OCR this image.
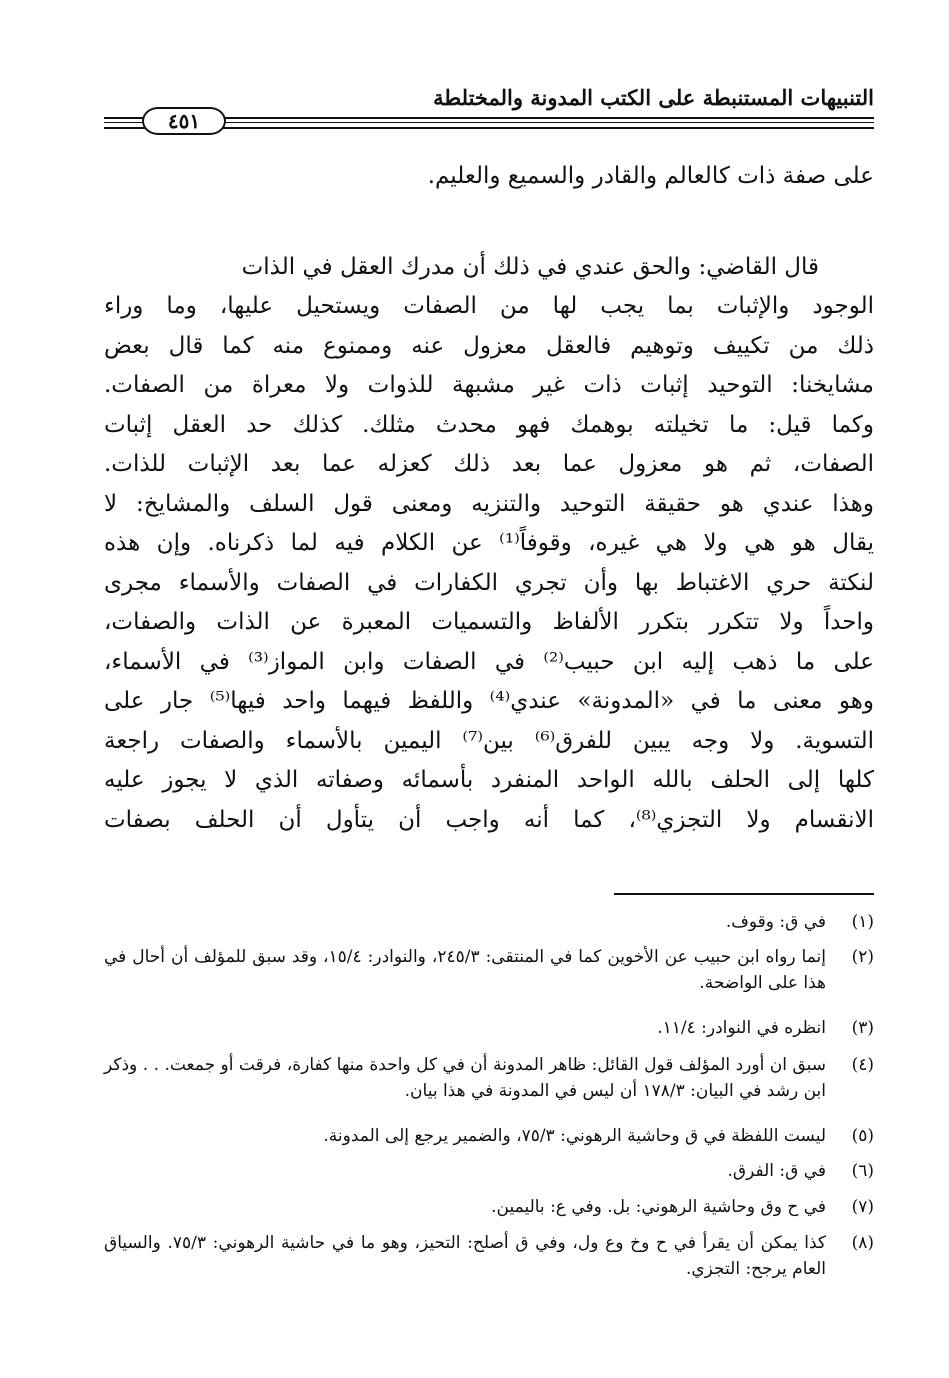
التنبيهات المستنبطة على الكتب المدونة والمختلطة
٤٥١
على صفة ذات كالعالم والقادر والسميع والعليم.
قال القاضي: والحق عندي في ذلك أن مدرك العقل في الذات
الوجود والإثبات بما يجب لها من الصفات ويستحيل عليها، وما وراء
ذلك من تكييف وتوهيم فالعقل معزول عنه وممنوع منه كما قال بعض
مشايخنا: التوحيد إثبات ذات غير مشبهة للذوات ولا معراة من الصفات.
وكما قيل: ما تخيلته بوهمك فهو محدث مثلك. كذلك حد العقل إثبات
الصفات، ثم هو معزول عما بعد ذلك كعزله عما بعد الإثبات للذات.
وهذا عندي هو حقيقة التوحيد والتنزيه ومعنى قول السلف والمشايخ: لا
يقال هو هي ولا هي غيره، وقوفاً⁽¹⁾ عن الكلام فيه لما ذكرناه. وإن هذه
لنكتة حري الاغتباط بها وأن تجري الكفارات في الصفات والأسماء مجرى
واحداً ولا تتكرر بتكرر الألفاظ والتسميات المعبرة عن الذات والصفات،
على ما ذهب إليه ابن حبيب⁽²⁾ في الصفات وابن المواز⁽³⁾ في الأسماء،
وهو معنى ما في «المدونة» عندي⁽⁴⁾ واللفظ فيهما واحد فيها⁽⁵⁾ جار على
التسوية. ولا وجه يبين للفرق⁽⁶⁾ بين⁽⁷⁾ اليمين بالأسماء والصفات راجعة
كلها إلى الحلف بالله الواحد المنفرد بأسمائه وصفاته الذي لا يجوز عليه
الانقسام ولا التجزي⁽⁸⁾، كما أنه واجب أن يتأول أن الحلف بصفات
(١)
في ق: وقوف.
(٢)
إنما رواه ابن حبيب عن الأخوين كما في المنتقى: ٢٤٥/٣، والنوادر: ١٥/٤، وقد سبق للمؤلف أن أحال في هذا على الواضحة.
(٣)
انظره في النوادر: ١١/٤.
(٤)
سبق ان أورد المؤلف قول القائل: ظاهر المدونة أن في كل واحدة منها كفارة، فرقت أو جمعت. . . وذكر ابن رشد في البيان: ١٧٨/٣ أن ليس في المدونة في هذا بيان.
(٥)
ليست اللفظة في ق وحاشية الرهوني: ٧٥/٣، والضمير يرجع إلى المدونة.
(٦)
في ق: الفرق.
(٧)
في ح وق وحاشية الرهوني: بل. وفي ع: باليمين.
(٨)
كذا يمكن أن يقرأ في ح وخ وع ول، وفي ق أصلح: التحيز، وهو ما في حاشية الرهوني: ٧٥/٣. والسياق العام يرجح: التجزي.
